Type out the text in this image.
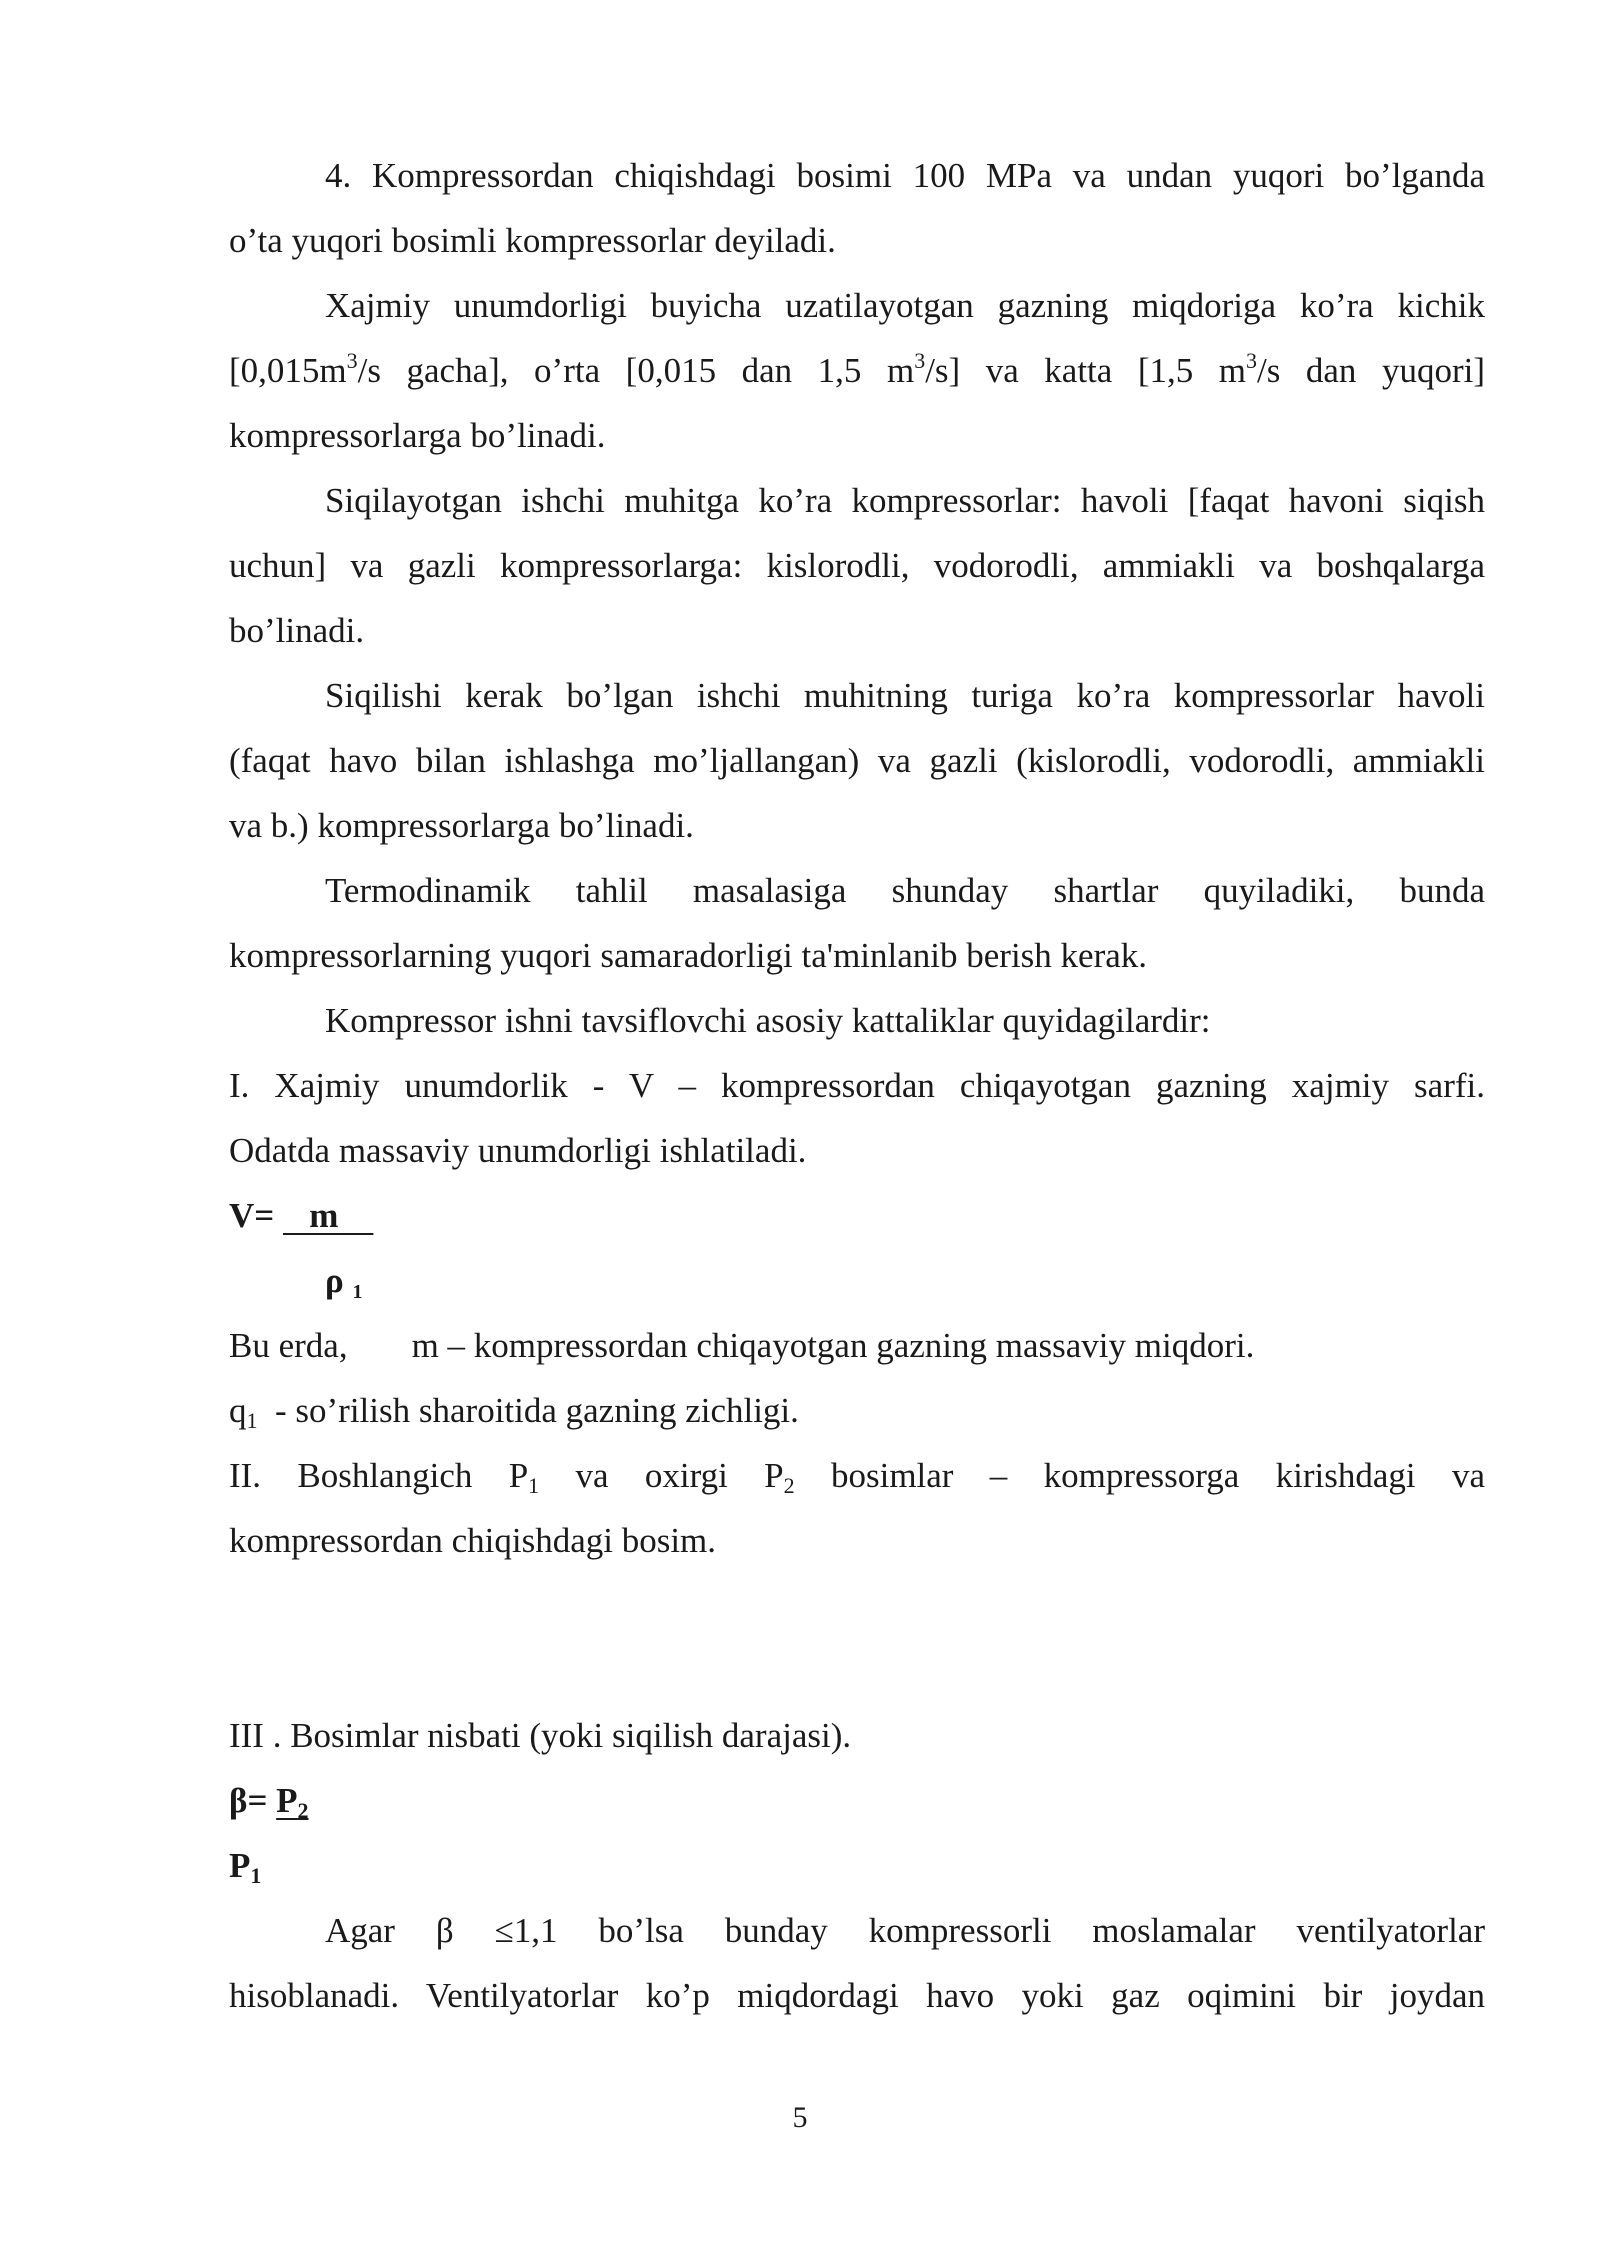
4. Kompressordan chiqishdagi bosimi 100 MPa va undan yuqori bo’lganda
o’ta yuqori bosimli kompressorlar deyiladi.
Xajmiy unumdorligi buyicha uzatilayotgan gazning miqdoriga ko’ra kichik
[$0,015m^3/s$ gacha], o’rta [0,015 dan 1,5 $m^3/s$] va katta [1,5 $m^3/s$ dan yuqori]
kompressorlarga bo’linadi.
Siqilayotgan ishchi muhitga ko’ra kompressorlar: havoli [faqat havoni siqish
uchun] va gazli kompressorlarga: kislorodli, vodorodli, ammiakli va boshqalarga
bo’linadi.
Siqilishi kerak bo’lgan ishchi muhitning turiga ko’ra kompressorlar havoli
(faqat havo bilan ishlashga mo’ljallangan) va gazli (kislorodli, vodorodli, ammiakli
va b.) kompressorlarga bo’linadi.
Termodinamik tahlil masalasiga shunday shartlar quyiladiki, bunda
kompressorlarning yuqori samaradorligi ta'minlanib berish kerak.
Kompressor ishni tavsiflovchi asosiy kattaliklar quyidagilardir:
I. Xajmiy unumdorlik - V – kompressordan chiqayotgan gazning xajmiy sarfi.
Odatda massaviy unumdorligi ishlatiladi.
V=    m
ρ $_1$
Bu erda, m – kompressordan chiqayotgan gazning massaviy miqdori.
$q_1$  - so’rilish sharoitida gazning zichligi.
II. Boshlangich $P_1$ va oxirgi $P_2$ bosimlar – kompressorga kirishdagi va
kompressordan chiqishdagi bosim.
III . Bosimlar nisbati (yoki siqilish darajasi).
$\beta= P_2$
$P_1$
Agar β ≤1,1 bo’lsa bunday kompressorli moslamalar ventilyatorlar
hisoblanadi. Ventilyatorlar ko’p miqdordagi havo yoki gaz oqimini bir joydan
5
